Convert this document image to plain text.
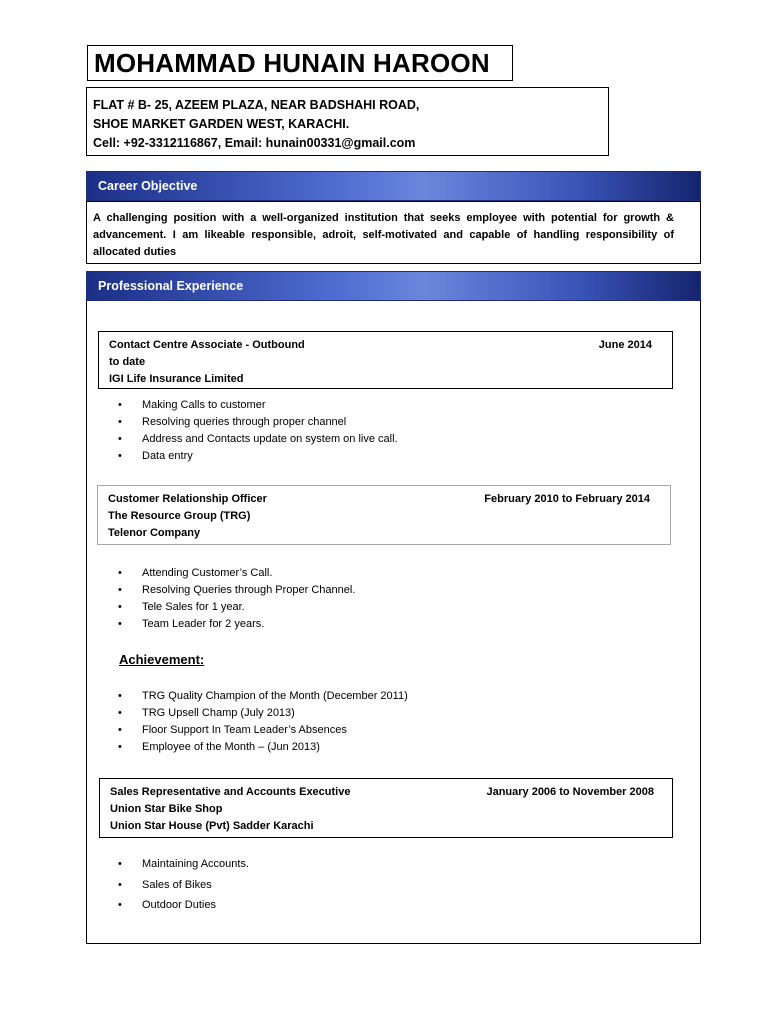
MOHAMMAD HUNAIN HAROON
FLAT # B- 25, AZEEM PLAZA, NEAR BADSHAHI ROAD,
SHOE MARKET GARDEN WEST, KARACHI.
Cell: +92-3312116867, Email: hunain00331@gmail.com
Career Objective
A challenging position with a well-organized institution that seeks employee with potential for growth & advancement. I am likeable responsible, adroit, self-motivated and capable of handling responsibility of allocated duties
Professional Experience
Contact Centre Associate - Outbound	June 2014
to date
IGI Life Insurance Limited
• Making Calls to customer
• Resolving queries through proper channel
• Address and Contacts update on system on live call.
• Data entry
Customer Relationship Officer	February 2010 to February 2014
The Resource Group (TRG)
Telenor Company
• Attending Customer’s Call.
• Resolving Queries through Proper Channel.
• Tele Sales for 1 year.
• Team Leader for 2 years.
Achievement:
• TRG Quality Champion of the Month (December 2011)
• TRG Upsell Champ (July 2013)
• Floor Support In Team Leader’s Absences
• Employee of the Month – (Jun 2013)
Sales Representative and Accounts Executive	January 2006 to November 2008
Union Star Bike Shop
Union Star House (Pvt) Sadder Karachi
• Maintaining Accounts.
• Sales of Bikes
• Outdoor Duties
